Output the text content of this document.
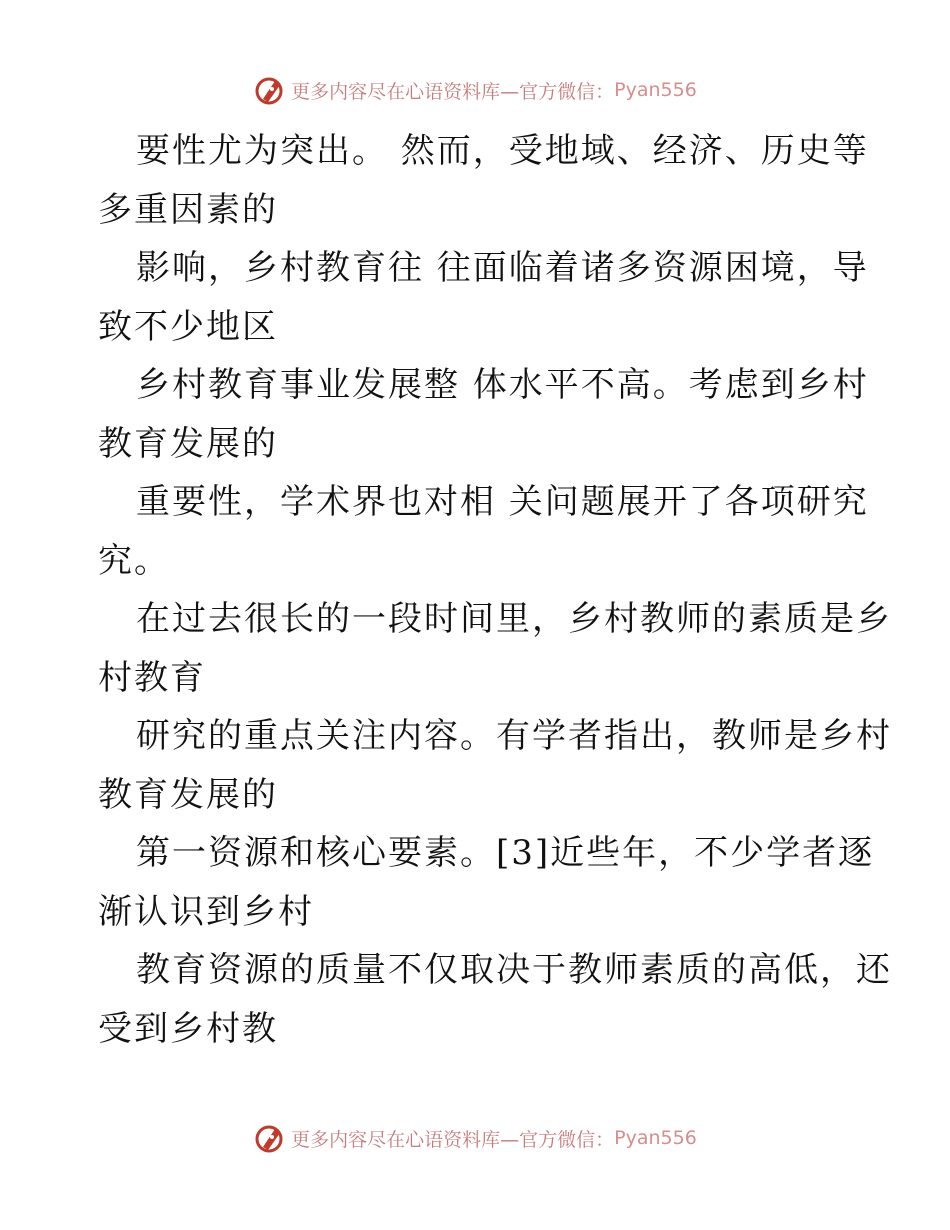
更多内容尽在心语资料库—官方微信： Pyan556
要性尤为突出。 然而，受地域、经济、历史等
多重因素的
影响，乡村教育往 往面临着诸多资源困境，导
致不少地区
乡村教育事业发展整 体水平不高。考虑到乡村
教育发展的
重要性，学术界也对相 关问题展开了各项研究
究。
在过去很长的一段时间里，乡村教师的素质是乡
村教育
研究的重点关注内容。有学者指出，教师是乡村
教育发展的
第一资源和核心要素。[3]近些年，不少学者逐
渐认识到乡村
教育资源的质量不仅取决于教师素质的高低，还
受到乡村教
更多内容尽在心语资料库—官方微信： Pyan556
